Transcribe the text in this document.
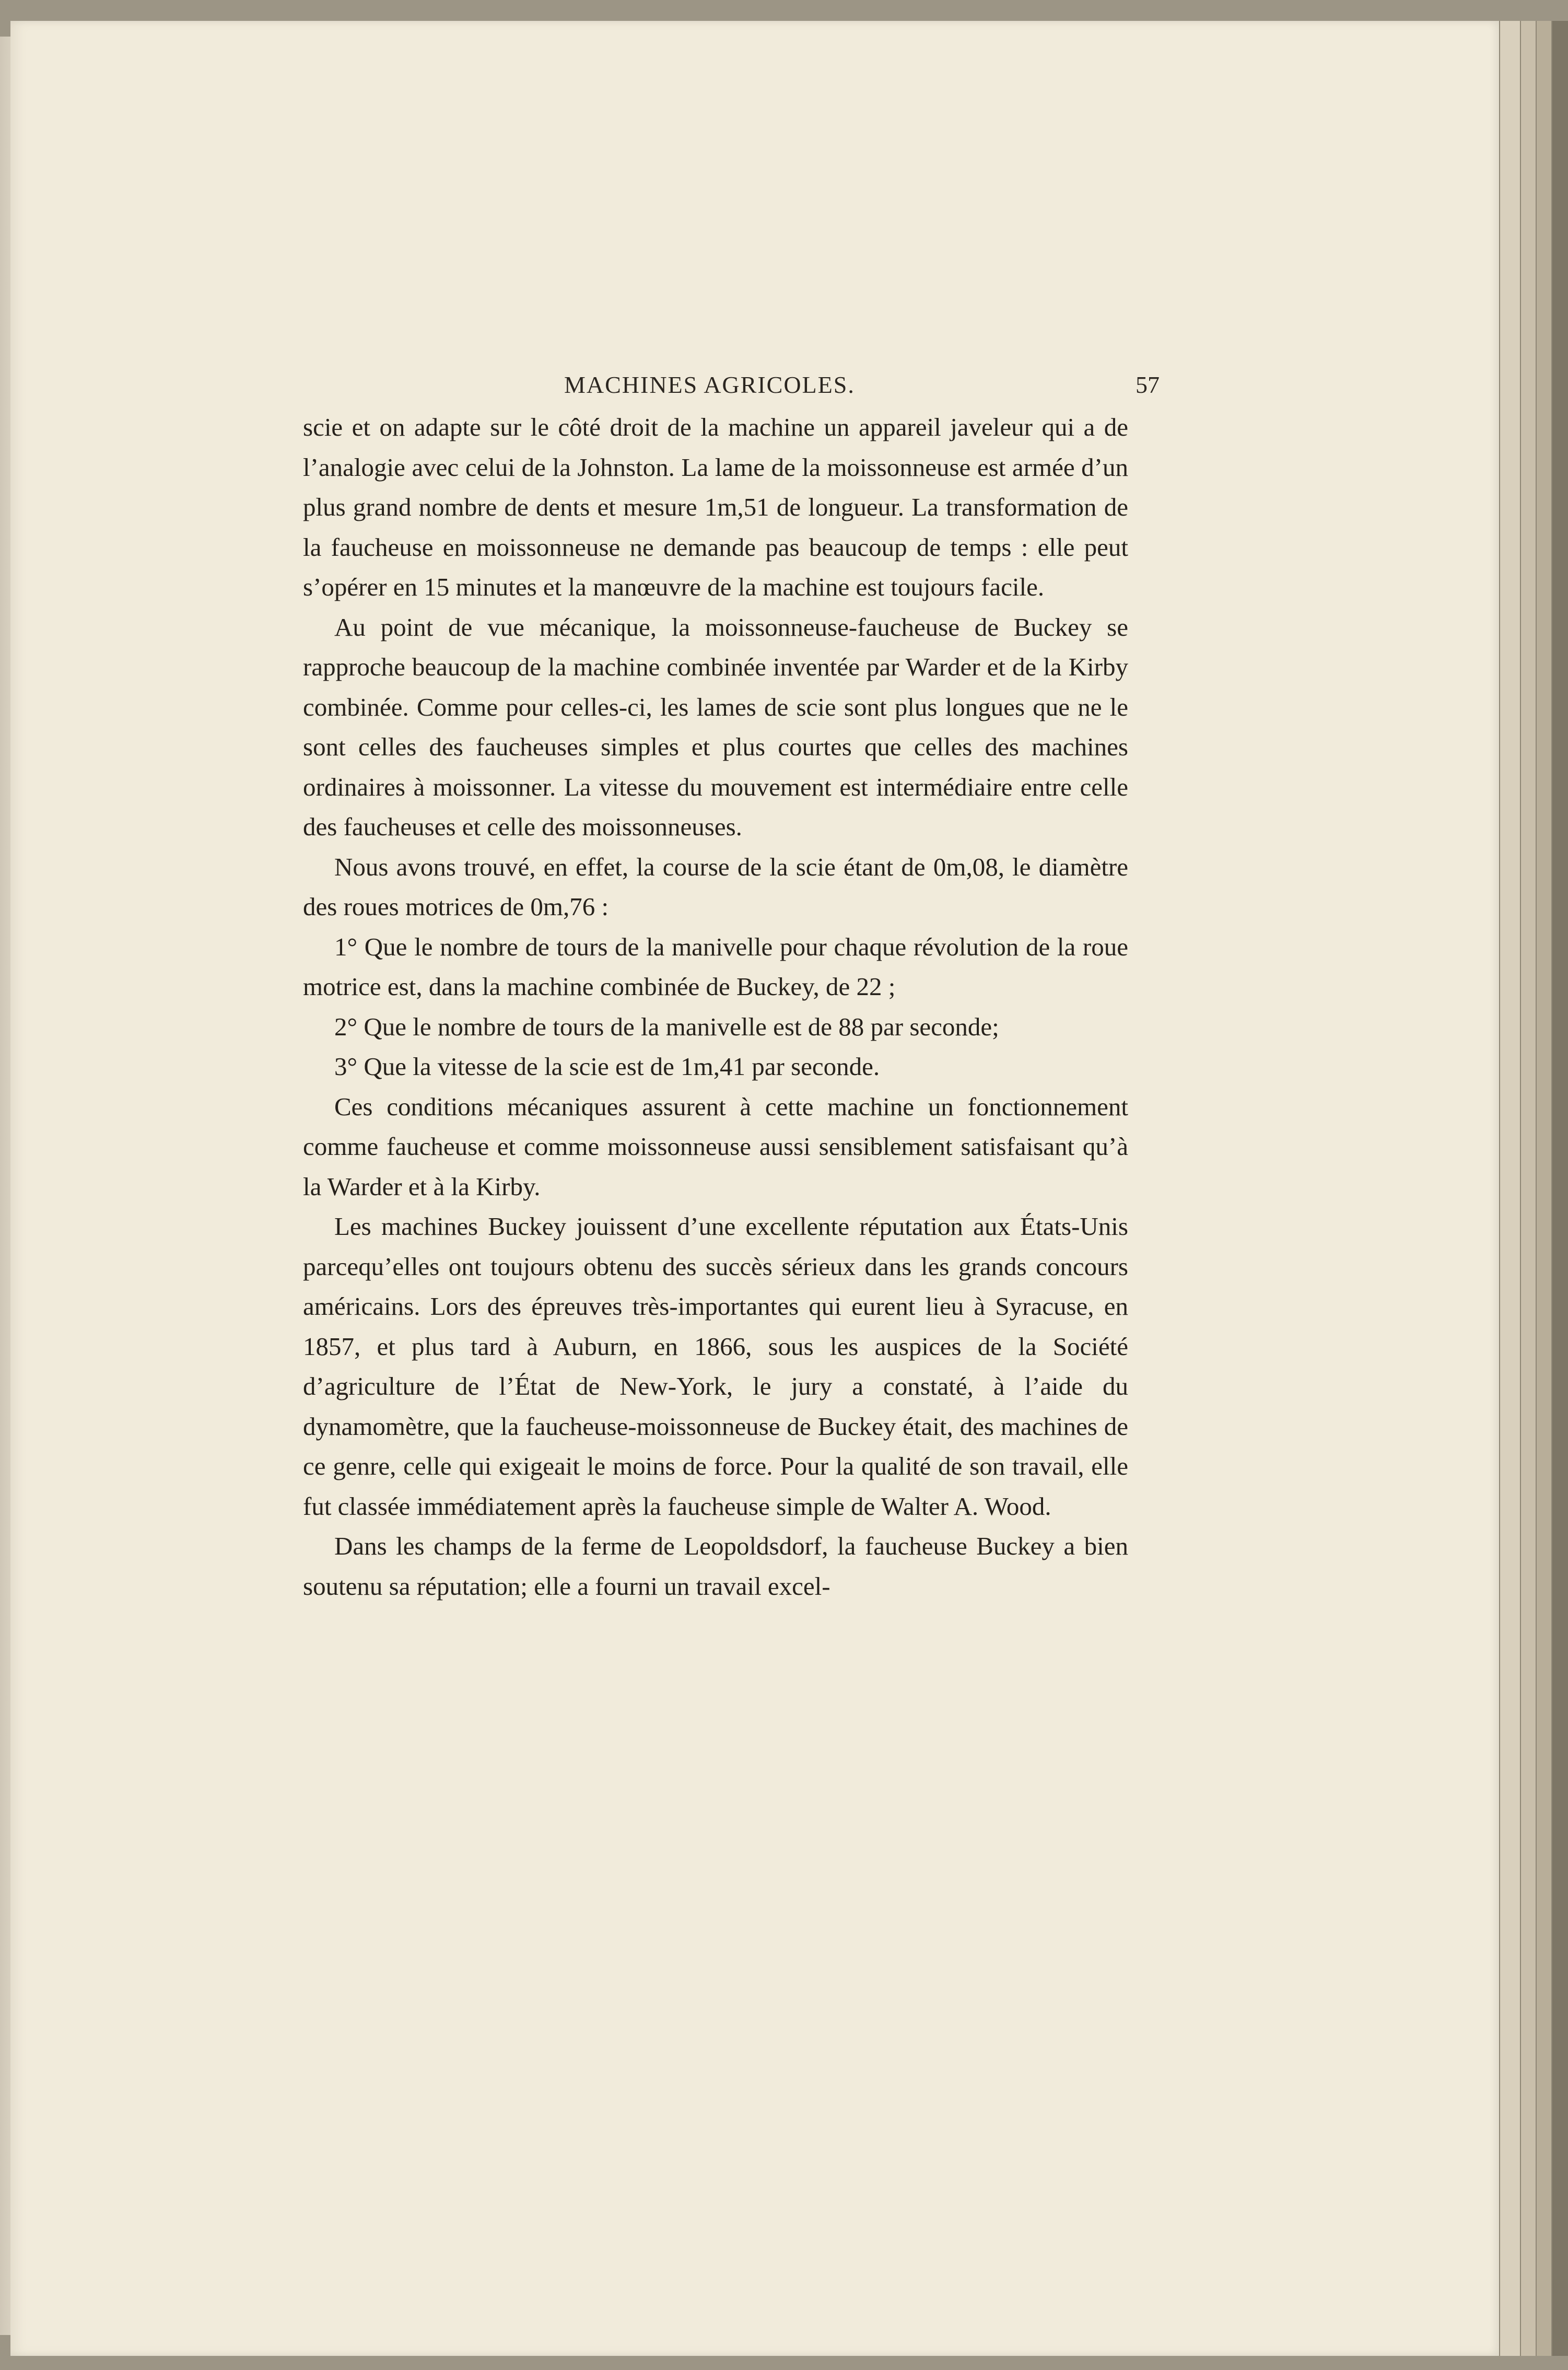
MACHINES AGRICOLES.	57

scie et on adapte sur le côté droit de la machine un appareil javeleur qui a de l’analogie avec celui de la Johnston. La lame de la moissonneuse est armée d’un plus grand nombre de dents et mesure 1m,51 de longueur. La transformation de la faucheuse en moissonneuse ne demande pas beaucoup de temps : elle peut s’opérer en 15 minutes et la manœuvre de la machine est toujours facile.

Au point de vue mécanique, la moissonneuse-faucheuse de Buckey se rapproche beaucoup de la machine combinée inventée par Warder et de la Kirby combinée. Comme pour celles-ci, les lames de scie sont plus longues que ne le sont celles des faucheuses simples et plus courtes que celles des machines ordinaires à moissonner. La vitesse du mouvement est intermédiaire entre celle des faucheuses et celle des moissonneuses.

Nous avons trouvé, en effet, la course de la scie étant de 0m,08, le diamètre des roues motrices de 0m,76 :

1° Que le nombre de tours de la manivelle pour chaque révolution de la roue motrice est, dans la machine combinée de Buckey, de 22 ;

2° Que le nombre de tours de la manivelle est de 88 par seconde;

3° Que la vitesse de la scie est de 1m,41 par seconde.

Ces conditions mécaniques assurent à cette machine un fonctionnement comme faucheuse et comme moissonneuse aussi sensiblement satisfaisant qu’à la Warder et à la Kirby.

Les machines Buckey jouissent d’une excellente réputation aux États-Unis parcequ’elles ont toujours obtenu des succès sérieux dans les grands concours américains. Lors des épreuves très-importantes qui eurent lieu à Syracuse, en 1857, et plus tard à Auburn, en 1866, sous les auspices de la Société d’agriculture de l’État de New-York, le jury a constaté, à l’aide du dynamomètre, que la faucheuse-moissonneuse de Buckey était, des machines de ce genre, celle qui exigeait le moins de force. Pour la qualité de son travail, elle fut classée immédiatement après la faucheuse simple de Walter A. Wood.

Dans les champs de la ferme de Leopoldsdorf, la faucheuse Buckey a bien soutenu sa réputation; elle a fourni un travail excel-
